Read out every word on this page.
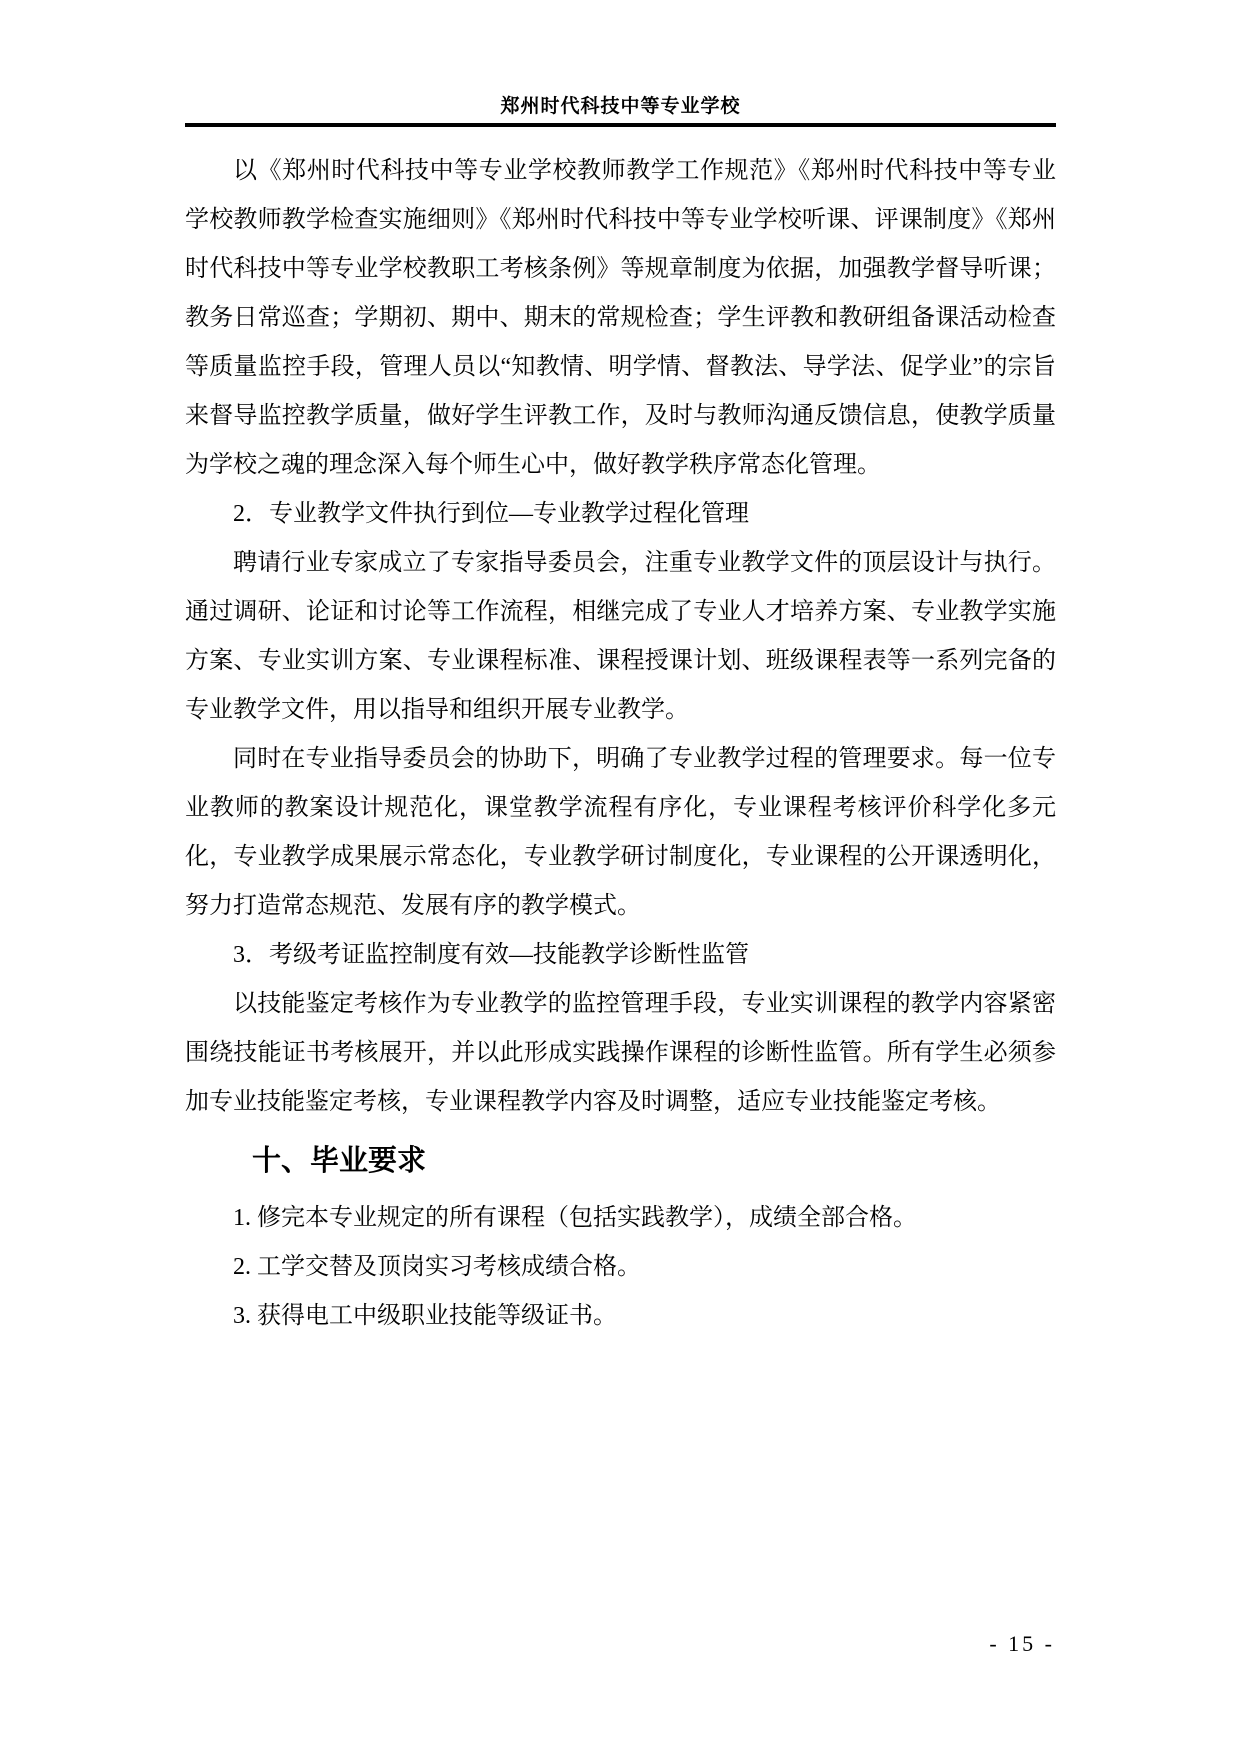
郑州时代科技中等专业学校

以《郑州时代科技中等专业学校教师教学工作规范》《郑州时代科技中等专业学校教师教学检查实施细则》《郑州时代科技中等专业学校听课、评课制度》《郑州时代科技中等专业学校教职工考核条例》等规章制度为依据，加强教学督导听课；教务日常巡查；学期初、期中、期末的常规检查；学生评教和教研组备课活动检查等质量监控手段，管理人员以“知教情、明学情、督教法、导学法、促学业”的宗旨来督导监控教学质量，做好学生评教工作，及时与教师沟通反馈信息，使教学质量为学校之魂的理念深入每个师生心中，做好教学秩序常态化管理。

2．专业教学文件执行到位—专业教学过程化管理

聘请行业专家成立了专家指导委员会，注重专业教学文件的顶层设计与执行。通过调研、论证和讨论等工作流程，相继完成了专业人才培养方案、专业教学实施方案、专业实训方案、专业课程标准、课程授课计划、班级课程表等一系列完备的专业教学文件，用以指导和组织开展专业教学。

同时在专业指导委员会的协助下，明确了专业教学过程的管理要求。每一位专业教师的教案设计规范化，课堂教学流程有序化，专业课程考核评价科学化多元化，专业教学成果展示常态化，专业教学研讨制度化，专业课程的公开课透明化，努力打造常态规范、发展有序的教学模式。

3．考级考证监控制度有效—技能教学诊断性监管

以技能鉴定考核作为专业教学的监控管理手段，专业实训课程的教学内容紧密围绕技能证书考核展开，并以此形成实践操作课程的诊断性监管。所有学生必须参加专业技能鉴定考核，专业课程教学内容及时调整，适应专业技能鉴定考核。

十、毕业要求

1. 修完本专业规定的所有课程（包括实践教学），成绩全部合格。

2. 工学交替及顶岗实习考核成绩合格。

3. 获得电工中级职业技能等级证书。

- 15 -
